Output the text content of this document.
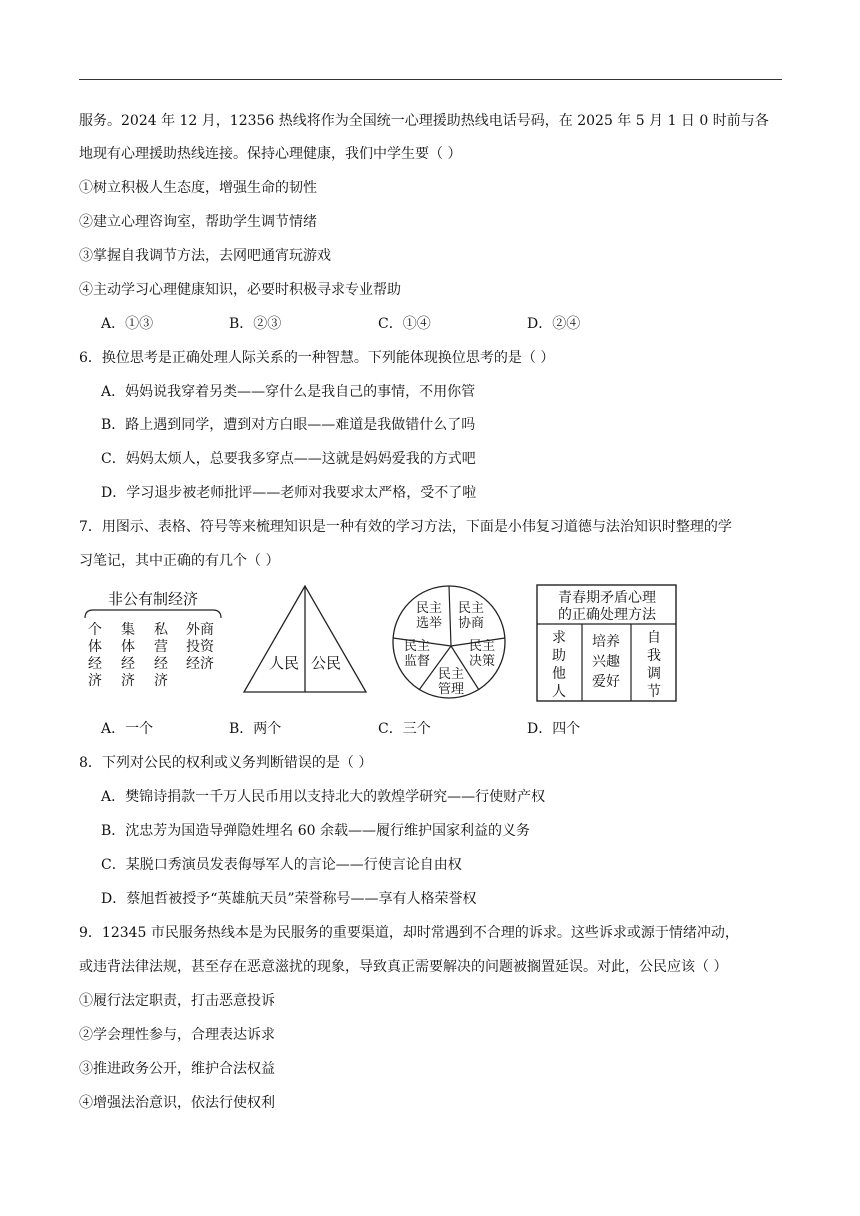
服务。2024 年 12 月，12356 热线将作为全国统一心理援助热线电话号码，在 2025 年 5 月 1 日 0 时前与各
地现有心理援助热线连接。保持心理健康，我们中学生要（ ）
①树立积极人生态度，增强生命的韧性
②建立心理咨询室，帮助学生调节情绪
③掌握自我调节方法，去网吧通宵玩游戏
④主动学习心理健康知识，必要时积极寻求专业帮助
A．①③	B．②③	C．①④	D．②④
6．换位思考是正确处理人际关系的一种智慧。下列能体现换位思考的是（ ）
A．妈妈说我穿着另类——穿什么是我自己的事情，不用你管
B．路上遇到同学，遭到对方白眼——难道是我做错什么了吗
C．妈妈太烦人，总要我多穿点——这就是妈妈爱我的方式吧
D．学习退步被老师批评——老师对我要求太严格，受不了啦
7．用图示、表格、符号等来梳理知识是一种有效的学习方法，下面是小伟复习道德与法治知识时整理的学
习笔记，其中正确的有几个（ ）
非公有制经济
个
体
经
济
集
体
经
济
私
营
经
济
外商
投资
经济	人民 公民
民主
选举
民主
协商
民主
决策
民主
管理
民主
监督
青春期矛盾心理
的正确处理方法
求
助
他
人
培养
兴趣
爱好
自
我
调
节
A．一个	B．两个	C．三个	D．四个
8．下列对公民的权利或义务判断错误的是（ ）
A．樊锦诗捐款一千万人民币用以支持北大的敦煌学研究——行使财产权
B．沈忠芳为国造导弹隐姓埋名 60 余载——履行维护国家利益的义务
C．某脱口秀演员发表侮辱军人的言论——行使言论自由权
D．蔡旭哲被授予“英雄航天员”荣誉称号——享有人格荣誉权
9．12345 市民服务热线本是为民服务的重要渠道，却时常遇到不合理的诉求。这些诉求或源于情绪冲动，
或违背法律法规，甚至存在恶意滋扰的现象，导致真正需要解决的问题被搁置延误。对此，公民应该（ ）
①履行法定职责，打击恶意投诉
②学会理性参与，合理表达诉求
③推进政务公开，维护合法权益
④增强法治意识，依法行使权利
